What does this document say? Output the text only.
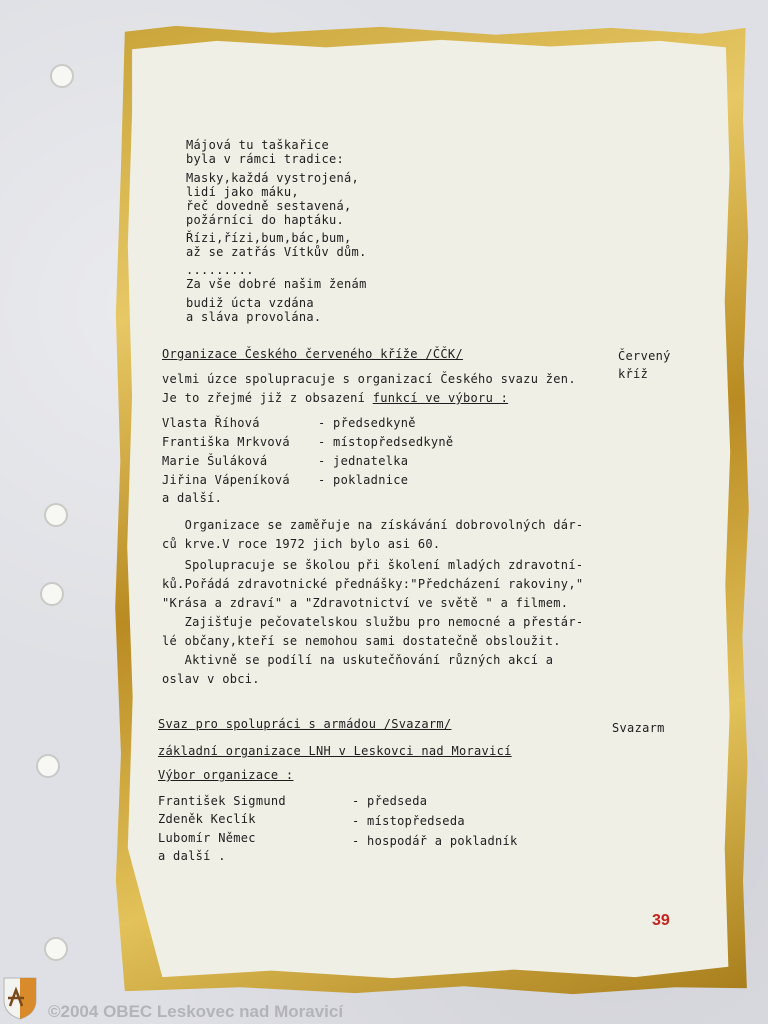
Májová tu taškařice
byla v rámci tradice:
Masky,každá vystrojená,
lidí jako máku,
řeč dovedně sestavená,
požárníci do haptáku.
Řízi,řízi,bum,bác,bum,
až se zatřás Vítkův dům.
.........
Za vše dobré našim ženám
budiž úcta vzdána
a sláva provolána.
Organizace Českého červeného kříže /ČČK/	Červený
kříž
velmi úzce spolupracuje s organizací Českého svazu žen.
Je to zřejmé již z obsazení funkcí ve výboru :
Vlasta Říhová	- předsedkyně
Františka Mrkvová - místopředsedkyně
Marie Šuláková	- jednatelka
Jiřina Vápeníková - pokladnice
a další.
Organizace se zaměřuje na získávání dobrovolných dár-
ců krve.V roce 1972 jich bylo asi 60.
Spolupracuje se školou při školení mladých zdravotní-
ků.Pořádá zdravotnické přednášky:"Předcházení rakoviny,"
"Krása a zdraví" a "Zdravotnictví ve světě " a filmem.
Zajišťuje pečovatelskou službu pro nemocné a přestár-
lé občany,kteří se nemohou sami dostatečně obsloužit.
Aktivně se podílí na uskutečňování různých akcí a
oslav v obci.
Svaz pro spolupráci s armádou /Svazarm/	Svazarm
základní organizace LNH v Leskovci nad Moravicí
Výbor organizace :
František Sigmund	- předseda
Zdeněk Keclík	- místopředseda
Lubomír Němec	- hospodář a pokladník
a další .
39
©2004 OBEC Leskovec nad Moravicí
